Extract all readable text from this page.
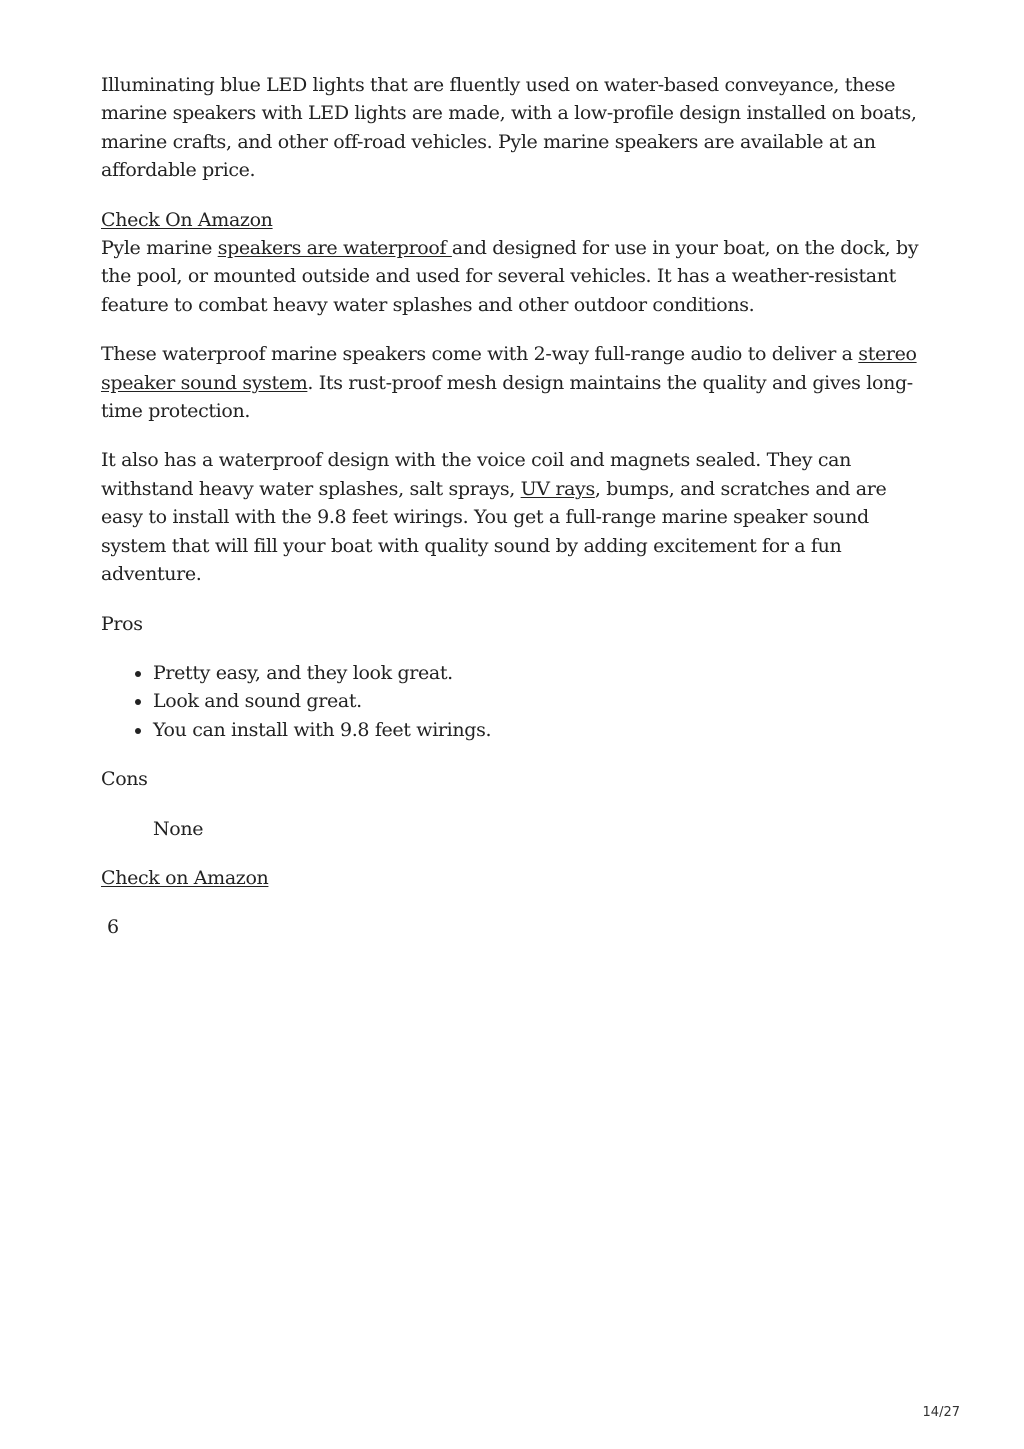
Illuminating blue LED lights that are fluently used on water-based conveyance, these marine speakers with LED lights are made, with a low-profile design installed on boats, marine crafts, and other off-road vehicles. Pyle marine speakers are available at an affordable price.

Check On Amazon

Pyle marine speakers are waterproof and designed for use in your boat, on the dock, by the pool, or mounted outside and used for several vehicles. It has a weather-resistant feature to combat heavy water splashes and other outdoor conditions.

These waterproof marine speakers come with 2-way full-range audio to deliver a stereo speaker sound system. Its rust-proof mesh design maintains the quality and gives long-time protection.

It also has a waterproof design with the voice coil and magnets sealed. They can withstand heavy water splashes, salt sprays, UV rays, bumps, and scratches and are easy to install with the 9.8 feet wirings. You get a full-range marine speaker sound system that will fill your boat with quality sound by adding excitement for a fun adventure.

Pros

• Pretty easy, and they look great.
• Look and sound great.
• You can install with 9.8 feet wirings.

Cons

None

Check on Amazon

6

14/27
